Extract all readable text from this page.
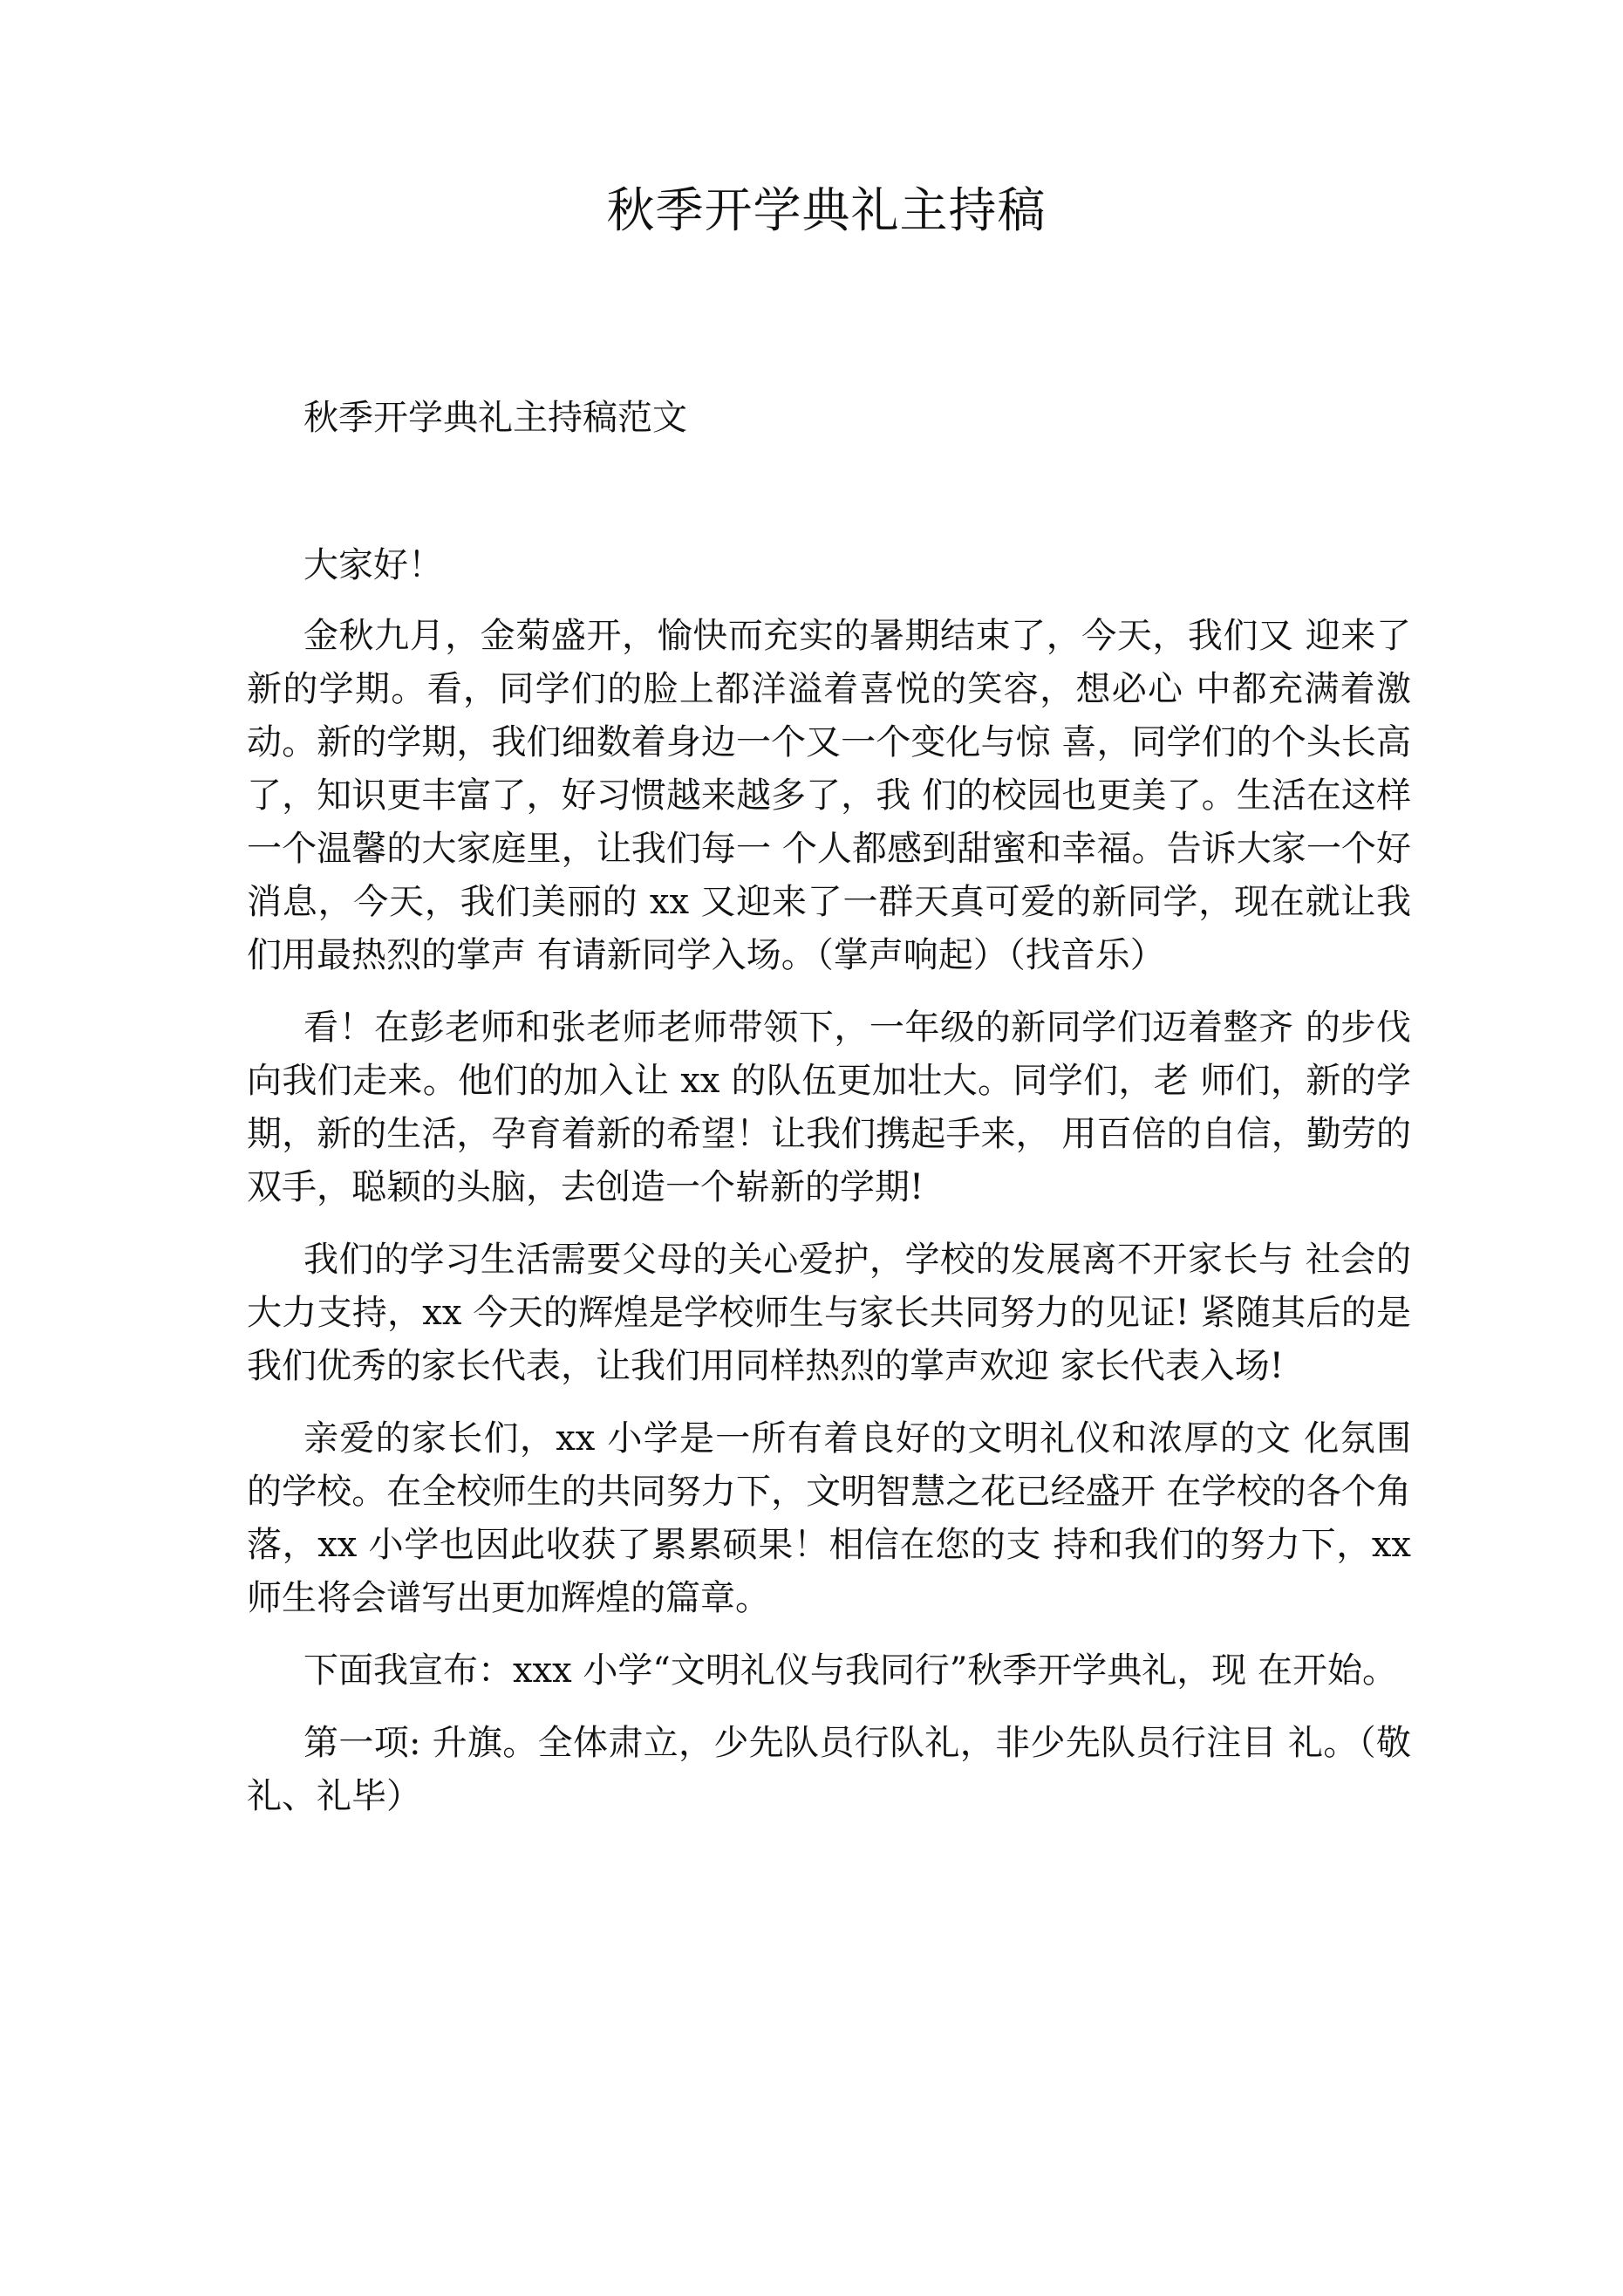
秋季开学典礼主持稿

秋季开学典礼主持稿范文

大家好！

金秋九月，金菊盛开，愉快而充实的暑期结束了，今天，我们又 迎来了新的学期。看，同学们的脸上都洋溢着喜悦的笑容，想必心 中都充满着激动。新的学期，我们细数着身边一个又一个变化与惊 喜，同学们的个头长高了，知识更丰富了，好习惯越来越多了，我 们的校园也更美了。生活在这样一个温馨的大家庭里，让我们每一 个人都感到甜蜜和幸福。告诉大家一个好消息，今天，我们美丽的 xx 又迎来了一群天真可爱的新同学，现在就让我们用最热烈的掌声 有请新同学入场。（掌声响起）（找音乐）

看！在彭老师和张老师老师带领下，一年级的新同学们迈着整齐 的步伐向我们走来。他们的加入让 xx 的队伍更加壮大。同学们，老 师们，新的学期，新的生活，孕育着新的希望！让我们携起手来， 用百倍的自信，勤劳的双手，聪颖的头脑，去创造一个崭新的学期!

我们的学习生活需要父母的关心爱护，学校的发展离不开家长与 社会的大力支持，xx 今天的辉煌是学校师生与家长共同努力的见证! 紧随其后的是我们优秀的家长代表，让我们用同样热烈的掌声欢迎 家长代表入场!

亲爱的家长们，xx 小学是一所有着良好的文明礼仪和浓厚的文 化氛围的学校。在全校师生的共同努力下，文明智慧之花已经盛开 在学校的各个角落，xx 小学也因此收获了累累硕果！相信在您的支 持和我们的努力下，xx 师生将会谱写出更加辉煌的篇章。

下面我宣布：xxx 小学“文明礼仪与我同行”秋季开学典礼，现 在开始。

第一项: 升旗。全体肃立，少先队员行队礼，非少先队员行注目 礼。（敬礼、礼毕）
